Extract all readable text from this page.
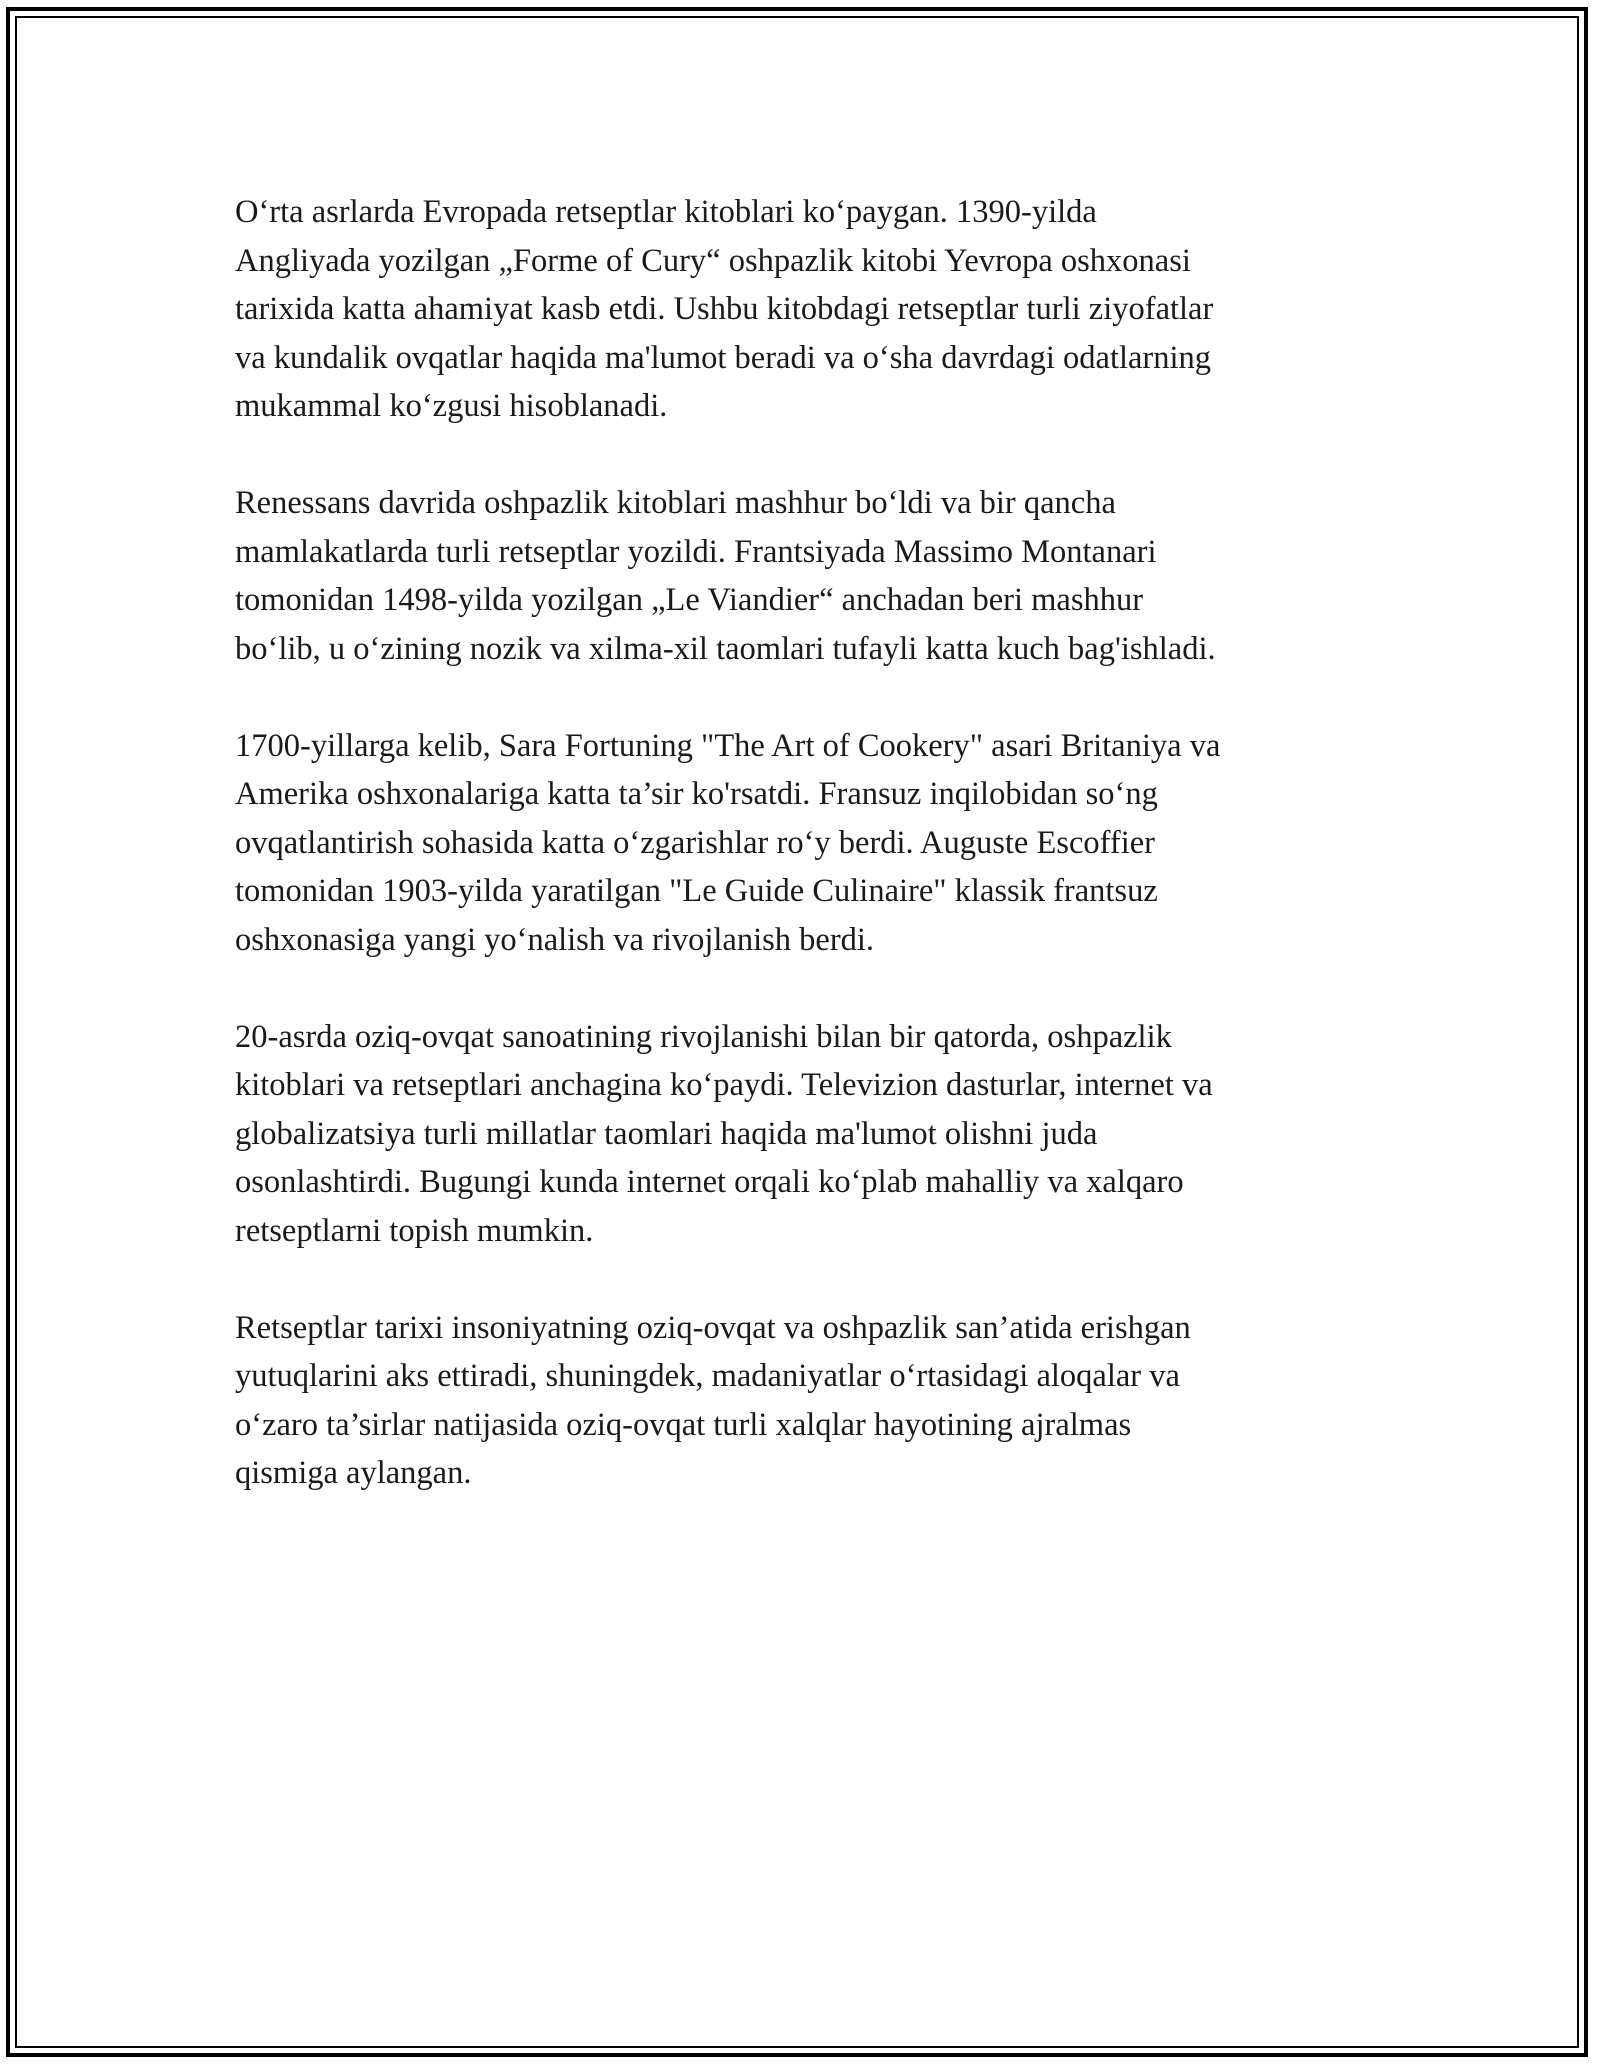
O‘rta asrlarda Evropada retseptlar kitoblari ko‘paygan. 1390-yilda
Angliyada yozilgan „Forme of Cury“ oshpazlik kitobi Yevropa oshxonasi
tarixida katta ahamiyat kasb etdi. Ushbu kitobdagi retseptlar turli ziyofatlar
va kundalik ovqatlar haqida ma'lumot beradi va o‘sha davrdagi odatlarning
mukammal ko‘zgusi hisoblanadi.

Renessans davrida oshpazlik kitoblari mashhur bo‘ldi va bir qancha
mamlakatlarda turli retseptlar yozildi. Frantsiyada Massimo Montanari
tomonidan 1498-yilda yozilgan „Le Viandier“ anchadan beri mashhur
bo‘lib, u o‘zining nozik va xilma-xil taomlari tufayli katta kuch bag'ishladi.

1700-yillarga kelib, Sara Fortuning "The Art of Cookery" asari Britaniya va
Amerika oshxonalariga katta ta’sir ko'rsatdi. Fransuz inqilobidan so‘ng
ovqatlantirish sohasida katta o‘zgarishlar ro‘y berdi. Auguste Escoffier
tomonidan 1903-yilda yaratilgan "Le Guide Culinaire" klassik frantsuz
oshxonasiga yangi yo‘nalish va rivojlanish berdi.

20-asrda oziq-ovqat sanoatining rivojlanishi bilan bir qatorda, oshpazlik
kitoblari va retseptlari anchagina ko‘paydi. Televizion dasturlar, internet va
globalizatsiya turli millatlar taomlari haqida ma'lumot olishni juda
osonlashtirdi. Bugungi kunda internet orqali ko‘plab mahalliy va xalqaro
retseptlarni topish mumkin.

Retseptlar tarixi insoniyatning oziq-ovqat va oshpazlik san’atida erishgan
yutuqlarini aks ettiradi, shuningdek, madaniyatlar o‘rtasidagi aloqalar va
o‘zaro ta’sirlar natijasida oziq-ovqat turli xalqlar hayotining ajralmas
qismiga aylangan.
